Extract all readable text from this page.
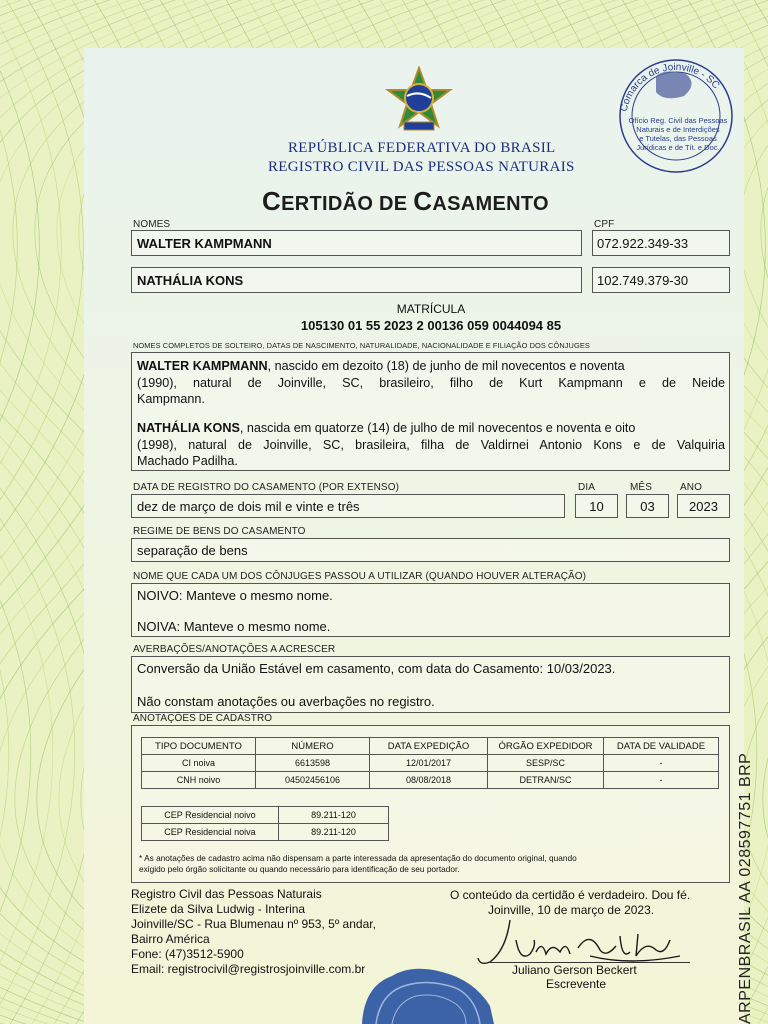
Comarca de Joinville - SC
Ofício Reg. Civil das Pessoas
Naturais e de Interdições
e Tutelas, das Pessoas
Jurídicas e de Tít. e Doc.
REPÚBLICA FEDERATIVA DO BRASIL
REGISTRO CIVIL DAS PESSOAS NATURAIS
CERTIDÃO DE CASAMENTO
NOMES	CPF
WALTER KAMPMANN	072.922.349-33
NATHÁLIA KONS	102.749.379-30
MATRÍCULA
105130 01 55 2023 2 00136 059 0044094 85
NOMES COMPLETOS DE SOLTEIRO, DATAS DE NASCIMENTO, NATURALIDADE, NACIONALIDADE E FILIAÇÃO DOS CÔNJUGES
WALTER KAMPMANN, nascido em dezoito (18) de junho de mil novecentos e noventa
(1990), natural de Joinville, SC, brasileiro, filho de Kurt Kampmann e de Neide
Kampmann.
NATHÁLIA KONS, nascida em quatorze (14) de julho de mil novecentos e noventa e oito
(1998), natural de Joinville, SC, brasileira, filha de Valdirnei Antonio Kons e de Valquiria
Machado Padilha.
DATA DE REGISTRO DO CASAMENTO (POR EXTENSO)	DIA	MÊS	ANO
dez de março de dois mil e vinte e três	10	03	2023
REGIME DE BENS DO CASAMENTO
separação de bens
NOME QUE CADA UM DOS CÔNJUGES PASSOU A UTILIZAR (QUANDO HOUVER ALTERAÇÃO)
NOIVO: Manteve o mesmo nome.
NOIVA: Manteve o mesmo nome.
AVERBAÇÕES/ANOTAÇÕES A ACRESCER
Conversão da União Estável em casamento, com data do Casamento: 10/03/2023.
Não constam anotações ou averbações no registro.
ANOTAÇÕES DE CADASTRO
TIPO DOCUMENTO	NÚMERO	DATA EXPEDIÇÃO	ÓRGÃO EXPEDIDOR	DATA DE VALIDADE
CI noiva	6613598	12/01/2017	SESP/SC	-
CNH noivo	04502456106	08/08/2018	DETRAN/SC	-
CEP Residencial noivo	89.211-120
CEP Residencial noiva	89.211-120
* As anotações de cadastro acima não dispensam a parte interessada da apresentação do documento original, quando
exigido pelo órgão solicitante ou quando necessário para identificação de seu portador.
Registro Civil das Pessoas Naturais
Elizete da Silva Ludwig - Interina
Joinville/SC - Rua Blumenau nº 953, 5º andar,
Bairro América
Fone: (47)3512-5900
Email: registrocivil@registrosjoinville.com.br
O conteúdo da certidão é verdadeiro. Dou fé.
Joinville, 10 de março de 2023.
Juliano Gerson Beckert
Escrevente	ARPENBRASIL AA 028597751 BRP
